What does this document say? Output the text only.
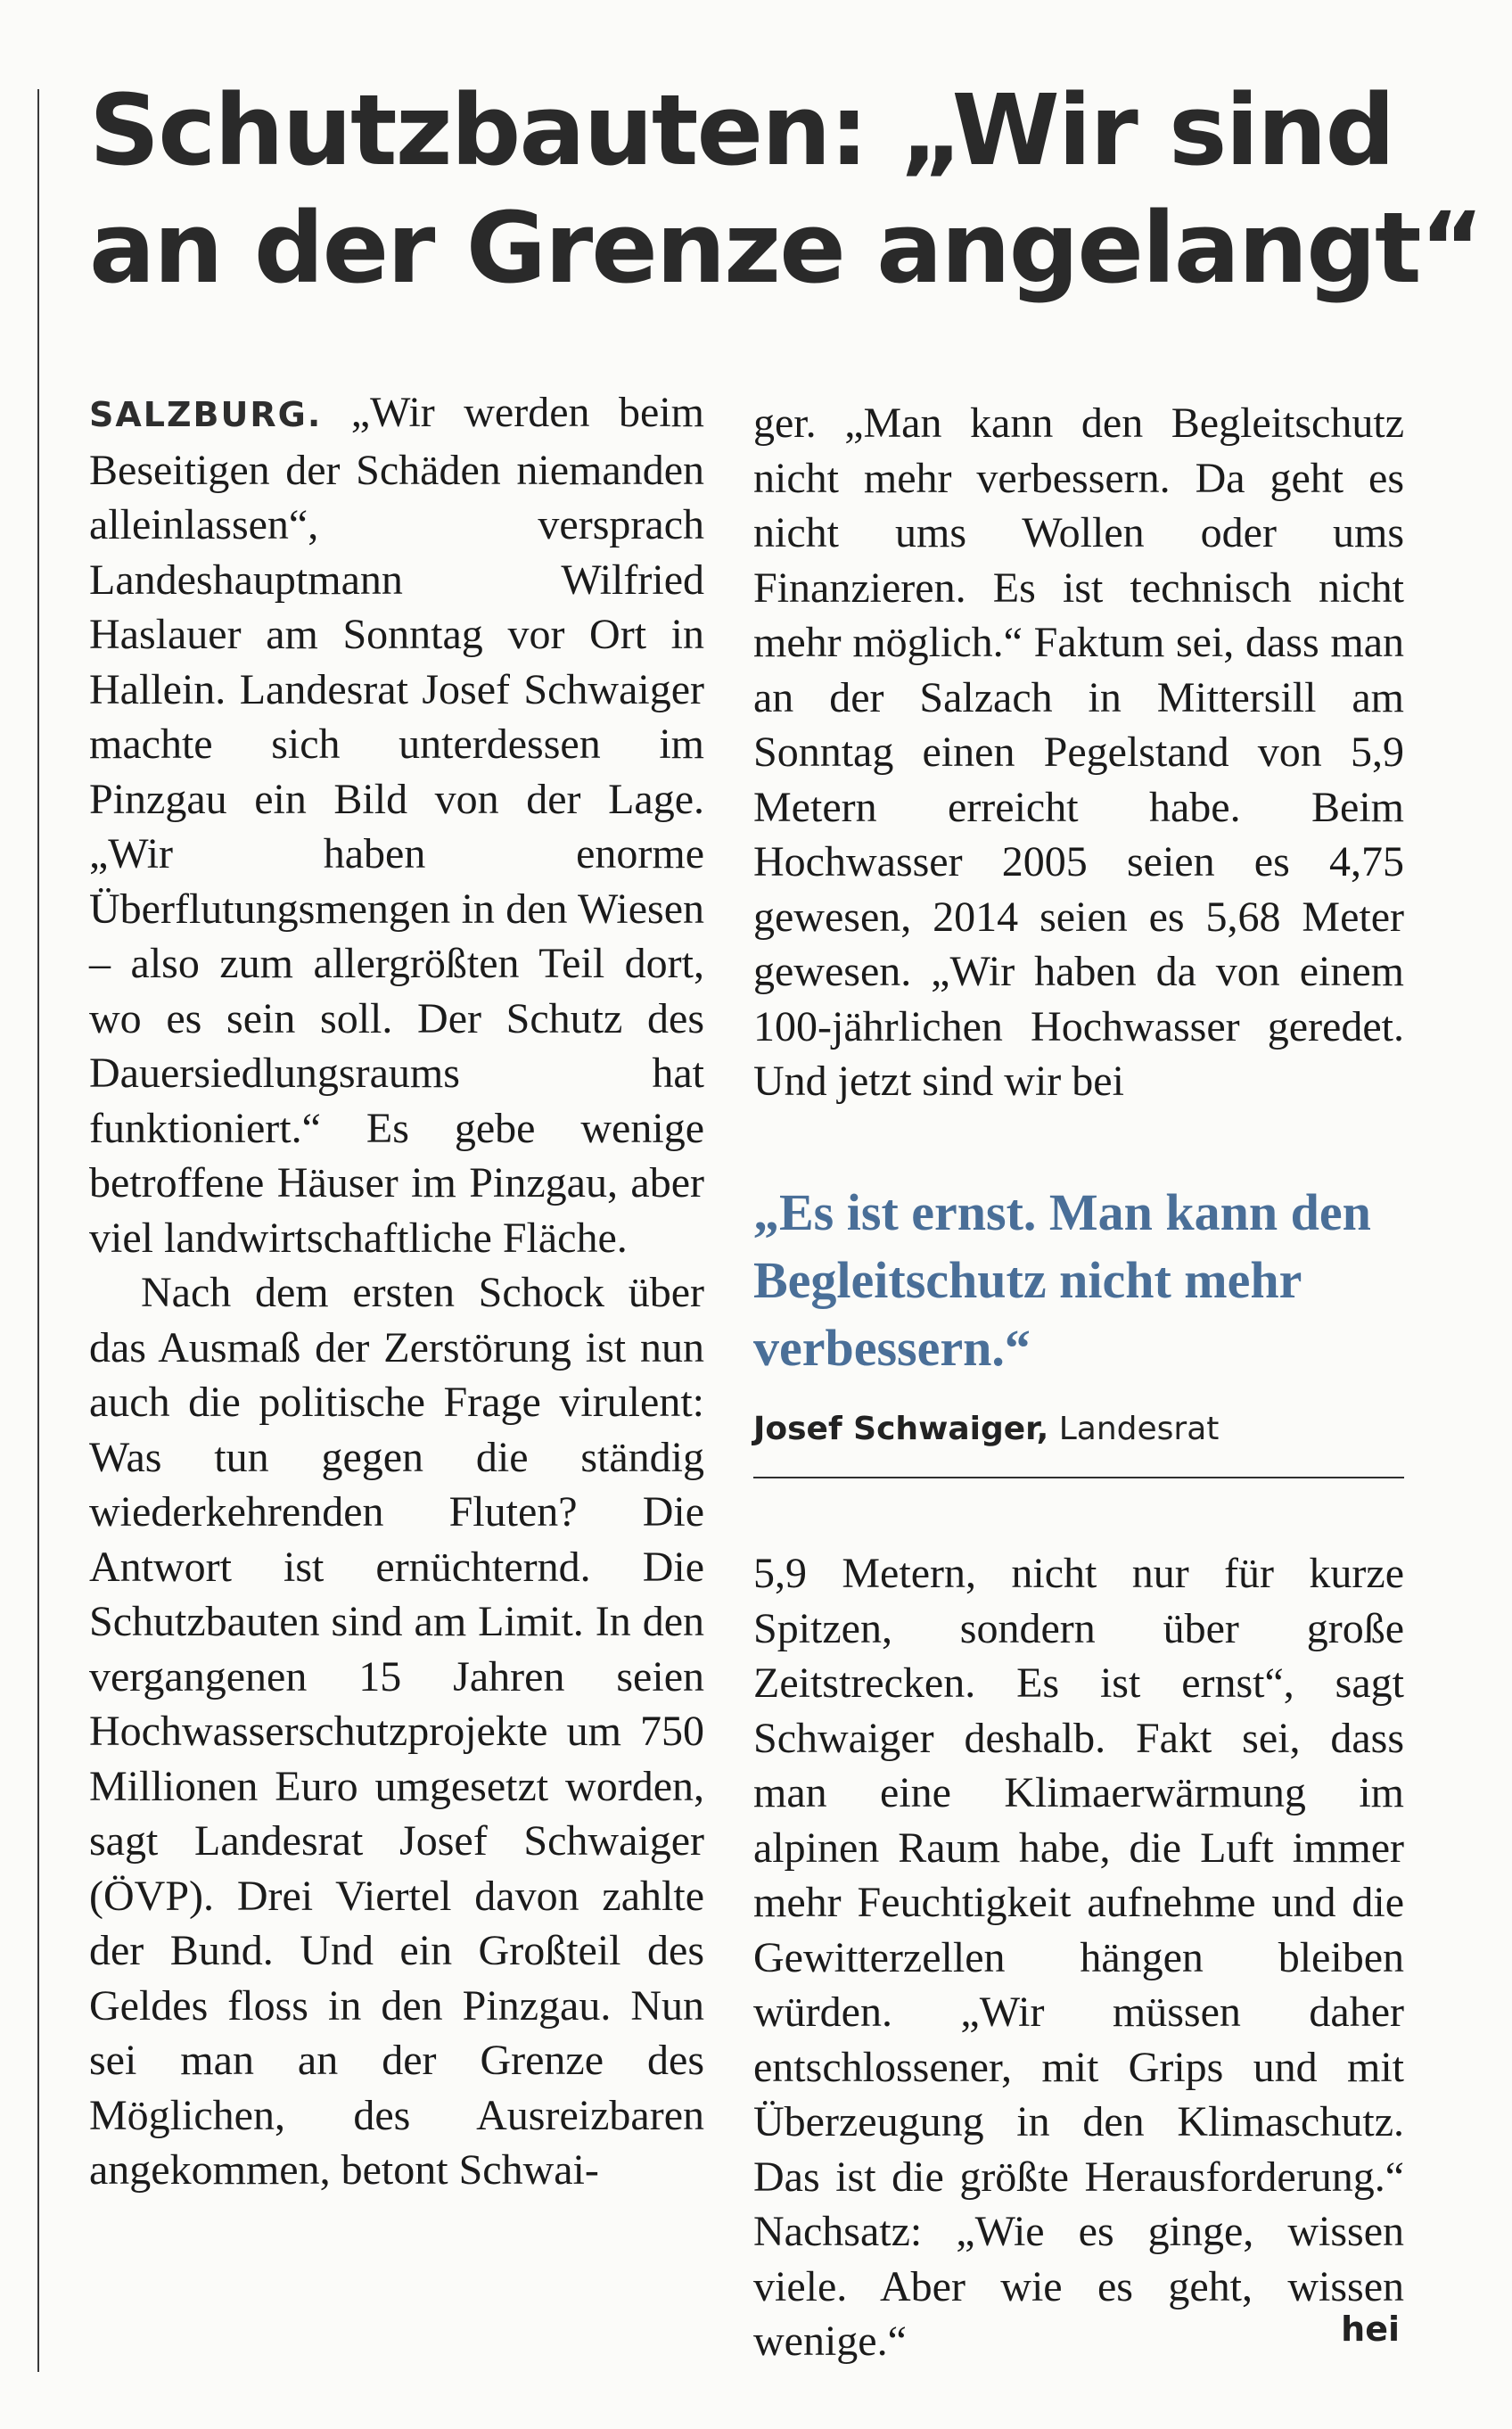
Schutzbauten: „Wir sind
an der Grenze angelangt“

SALZBURG. „Wir werden beim Beseitigen der Schäden niemanden alleinlassen“, versprach Landeshauptmann Wilfried Haslauer am Sonntag vor Ort in Hallein. Landesrat Josef Schwaiger machte sich unterdessen im Pinzgau ein Bild von der Lage. „Wir haben enorme Überflutungsmengen in den Wiesen – also zum allergrößten Teil dort, wo es sein soll. Der Schutz des Dauersiedlungsraums hat funktioniert.“ Es gebe wenige betroffene Häuser im Pinzgau, aber viel landwirtschaftliche Fläche.

Nach dem ersten Schock über das Ausmaß der Zerstörung ist nun auch die politische Frage virulent: Was tun gegen die ständig wiederkehrenden Fluten? Die Antwort ist ernüchternd. Die Schutzbauten sind am Limit. In den vergangenen 15 Jahren seien Hochwasserschutzprojekte um 750 Millionen Euro umgesetzt worden, sagt Landesrat Josef Schwaiger (ÖVP). Drei Viertel davon zahlte der Bund. Und ein Großteil des Geldes floss in den Pinzgau. Nun sei man an der Grenze des Möglichen, des Ausreizbaren angekommen, betont Schwai-

ger. „Man kann den Begleitschutz nicht mehr verbessern. Da geht es nicht ums Wollen oder ums Finanzieren. Es ist technisch nicht mehr möglich.“ Faktum sei, dass man an der Salzach in Mittersill am Sonntag einen Pegelstand von 5,9 Metern erreicht habe. Beim Hochwasser 2005 seien es 4,75 gewesen, 2014 seien es 5,68 Meter gewesen. „Wir haben da von einem 100-jährlichen Hochwasser geredet. Und jetzt sind wir bei

„Es ist ernst. Man kann den Begleitschutz nicht mehr verbessern.“

Josef Schwaiger, Landesrat

5,9 Metern, nicht nur für kurze Spitzen, sondern über große Zeitstrecken. Es ist ernst“, sagt Schwaiger deshalb. Fakt sei, dass man eine Klimaerwärmung im alpinen Raum habe, die Luft immer mehr Feuchtigkeit aufnehme und die Gewitterzellen hängen bleiben würden. „Wir müssen daher entschlossener, mit Grips und mit Überzeugung in den Klimaschutz. Das ist die größte Herausforderung.“ Nachsatz: „Wie es ginge, wissen viele. Aber wie es geht, wissen wenige.“	hei
